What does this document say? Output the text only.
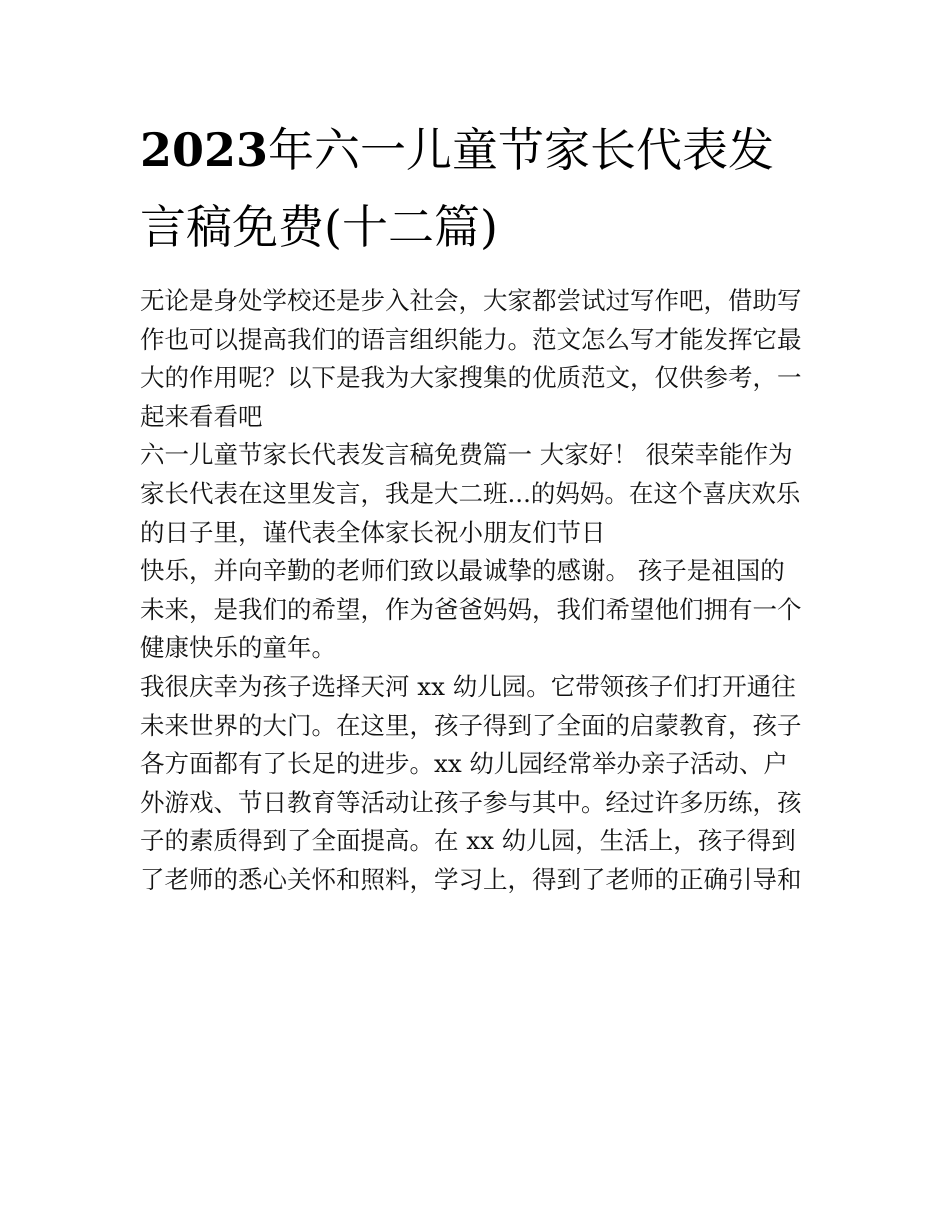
2023年六一儿童节家长代表发
言稿免费(十二篇)

无论是身处学校还是步入社会，大家都尝试过写作吧，借助写
作也可以提高我们的语言组织能力。范文怎么写才能发挥它最
大的作用呢？以下是我为大家搜集的优质范文，仅供参考，一
起来看看吧

六一儿童节家长代表发言稿免费篇一 大家好！ 很荣幸能作为
家长代表在这里发言，我是大二班...的妈妈。在这个喜庆欢乐
的日子里，谨代表全体家长祝小朋友们节日

快乐，并向辛勤的老师们致以最诚挚的感谢。 孩子是祖国的
未来，是我们的希望，作为爸爸妈妈，我们希望他们拥有一个
健康快乐的童年。

我很庆幸为孩子选择天河 xx 幼儿园。它带领孩子们打开通往
未来世界的大门。在这里，孩子得到了全面的启蒙教育，孩子
各方面都有了长足的进步。xx 幼儿园经常举办亲子活动、户
外游戏、节日教育等活动让孩子参与其中。经过许多历练，孩
子的素质得到了全面提高。在 xx 幼儿园，生活上，孩子得到
了老师的悉心关怀和照料，学习上，得到了老师的正确引导和
